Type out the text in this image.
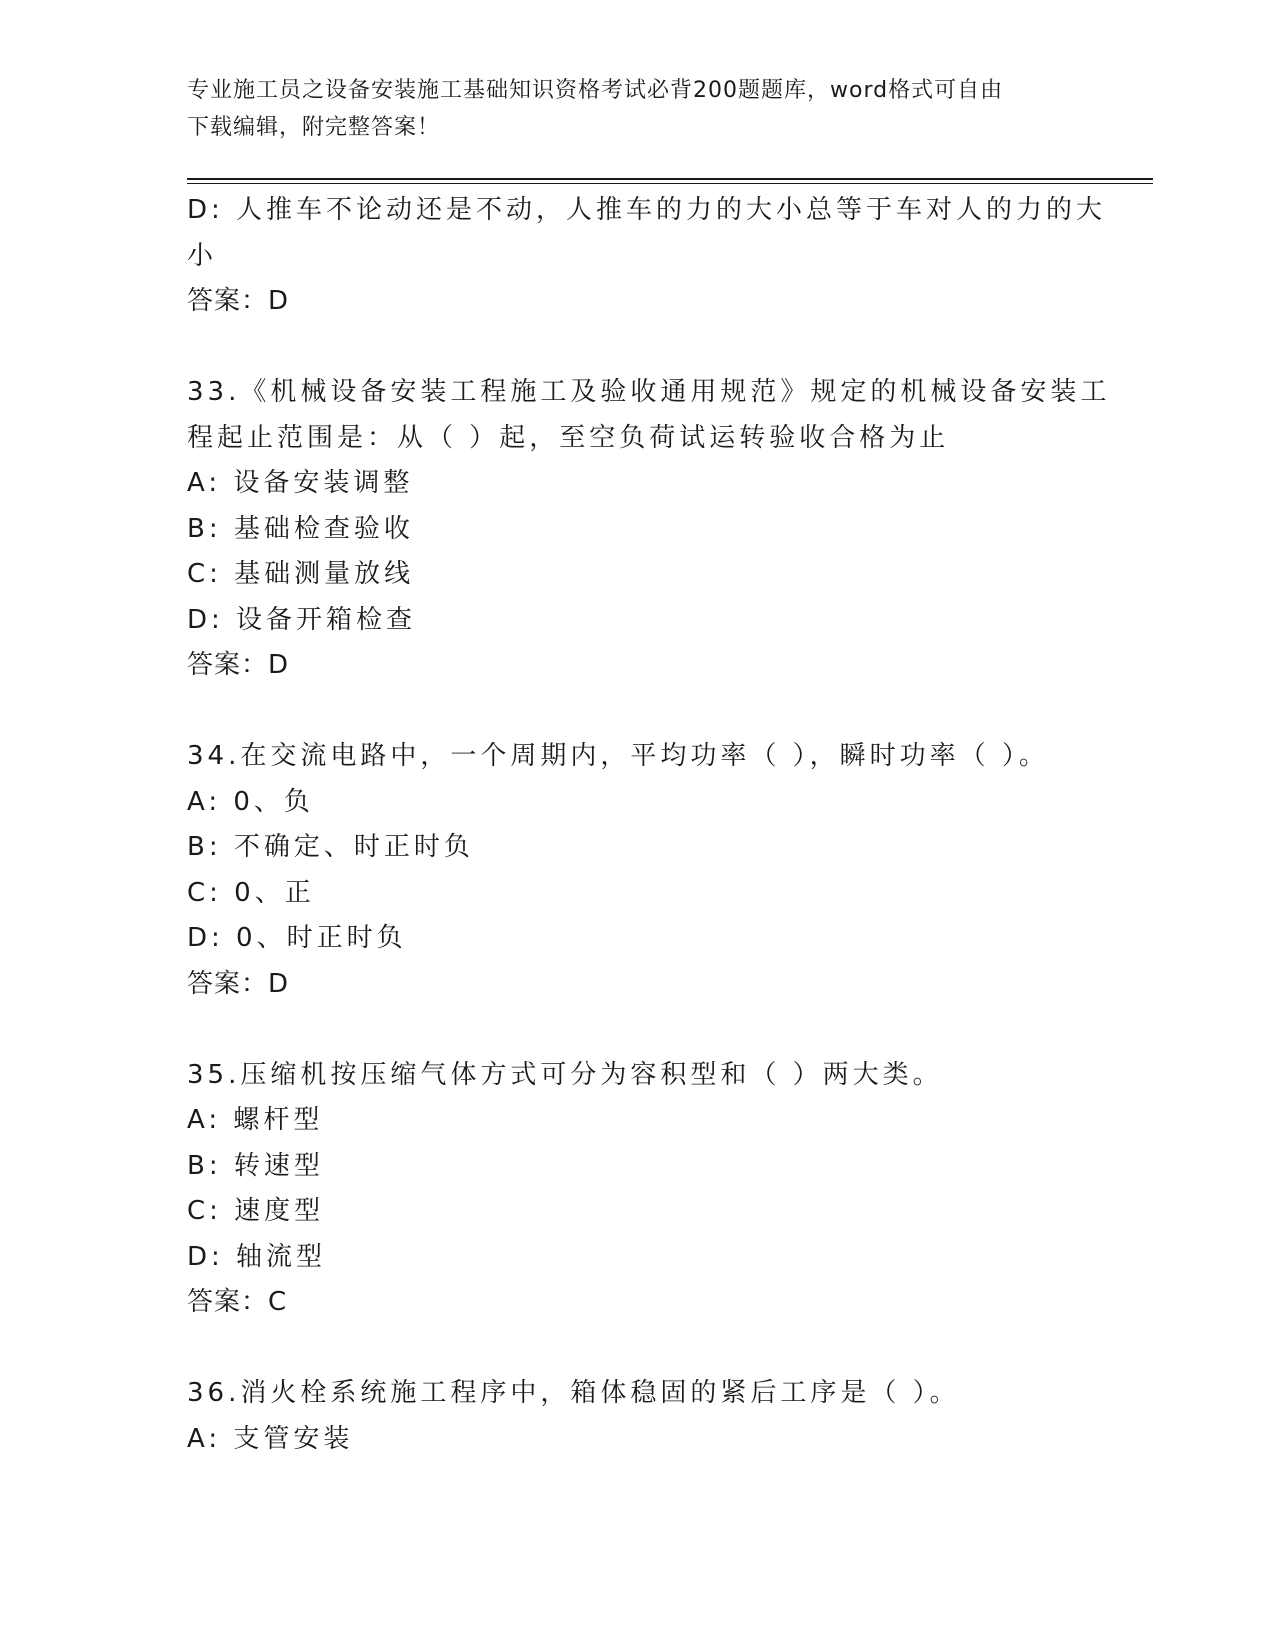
专业施工员之设备安装施工基础知识资格考试必背200题题库，word格式可自由
下载编辑，附完整答案！
D: 人推车不论动还是不动，人推车的力的大小总等于车对人的力的大
小
答案：D
33.《机械设备安装工程施工及验收通用规范》规定的机械设备安装工
程起止范围是：从（ ）起，至空负荷试运转验收合格为止
A: 设备安装调整
B: 基础检查验收
C: 基础测量放线
D: 设备开箱检查
答案：D
34.在交流电路中，一个周期内，平均功率（ ），瞬时功率（ ）。
A: 0、负
B: 不确定、时正时负
C: 0、正
D: 0、时正时负
答案：D
35.压缩机按压缩气体方式可分为容积型和（ ）两大类。
A: 螺杆型
B: 转速型
C: 速度型
D: 轴流型
答案：C
36.消火栓系统施工程序中，箱体稳固的紧后工序是（ ）。
A: 支管安装
